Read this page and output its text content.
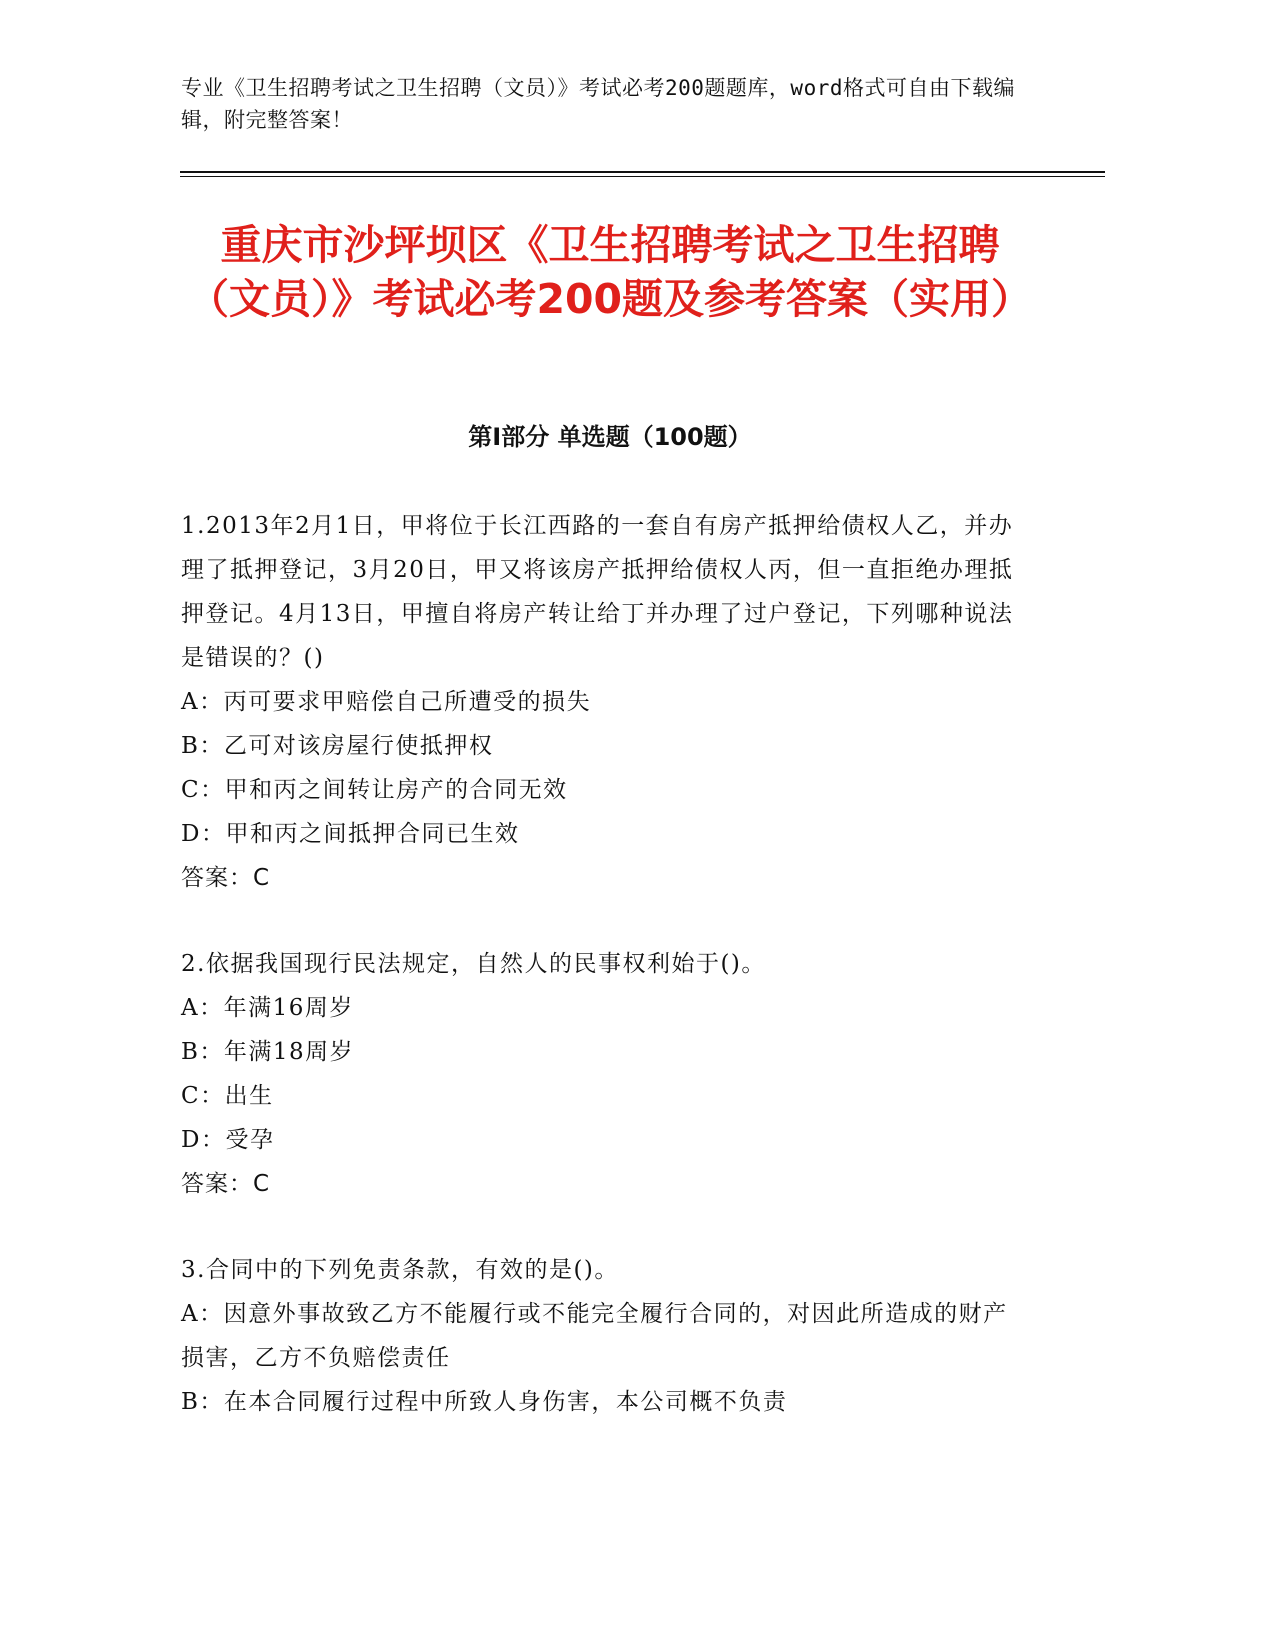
专业《卫生招聘考试之卫生招聘（文员）》考试必考200题题库，word格式可自由下载编辑，附完整答案！
重庆市沙坪坝区《卫生招聘考试之卫生招聘（文员）》考试必考200题及参考答案（实用）
第Ⅰ部分 单选题（100题）
1.2013年2月1日，甲将位于长江西路的一套自有房产抵押给债权人乙，并办理了抵押登记，3月20日，甲又将该房产抵押给债权人丙，但一直拒绝办理抵押登记。4月13日，甲擅自将房产转让给丁并办理了过户登记，下列哪种说法是错误的？()
A：丙可要求甲赔偿自己所遭受的损失
B：乙可对该房屋行使抵押权
C：甲和丙之间转让房产的合同无效
D：甲和丙之间抵押合同已生效
答案：C
2.依据我国现行民法规定，自然人的民事权利始于()。
A：年满16周岁
B：年满18周岁
C：出生
D：受孕
答案：C
3.合同中的下列免责条款，有效的是()。
A：因意外事故致乙方不能履行或不能完全履行合同的，对因此所造成的财产损害，乙方不负赔偿责任
B：在本合同履行过程中所致人身伤害，本公司概不负责
